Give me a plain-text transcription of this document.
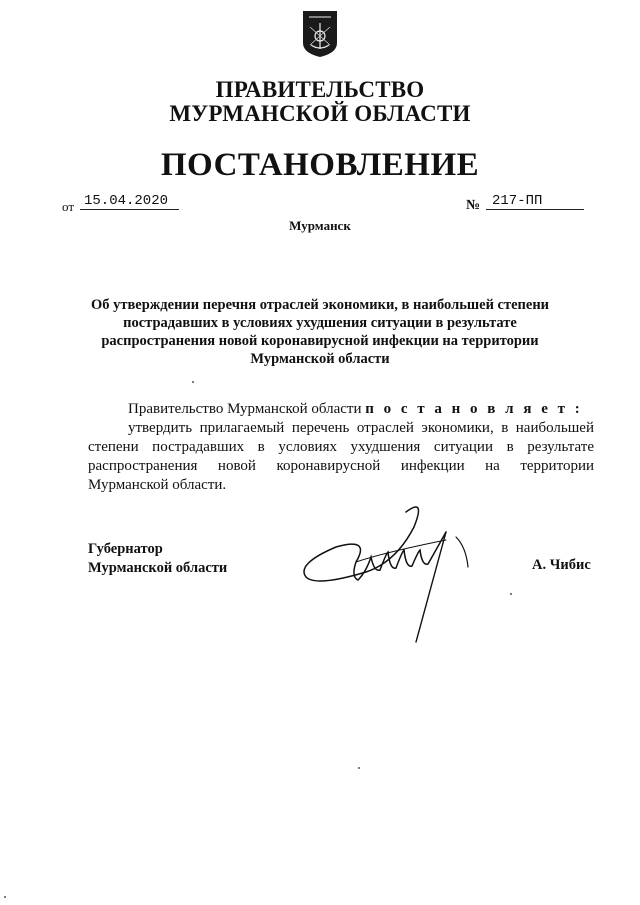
ПРАВИТЕЛЬСТВО
МУРМАНСКОЙ ОБЛАСТИ
ПОСТАНОВЛЕНИЕ
от 15.04.2020	№ 217-ПП
Мурманск
Об утверждении перечня отраслей экономики, в наибольшей степени
пострадавших в условиях ухудшения ситуации в результате
распространения новой коронавирусной инфекции на территории
Мурманской области

Правительство Мурманской области п о с т а н о в л я е т :

утвердить прилагаемый перечень отраслей экономики, в наибольшей степени пострадавших в условиях ухудшения ситуации в результате распространения новой коронавирусной инфекции на территории Мурманской области.

Губернатор
Мурманской области	А. Чибис
